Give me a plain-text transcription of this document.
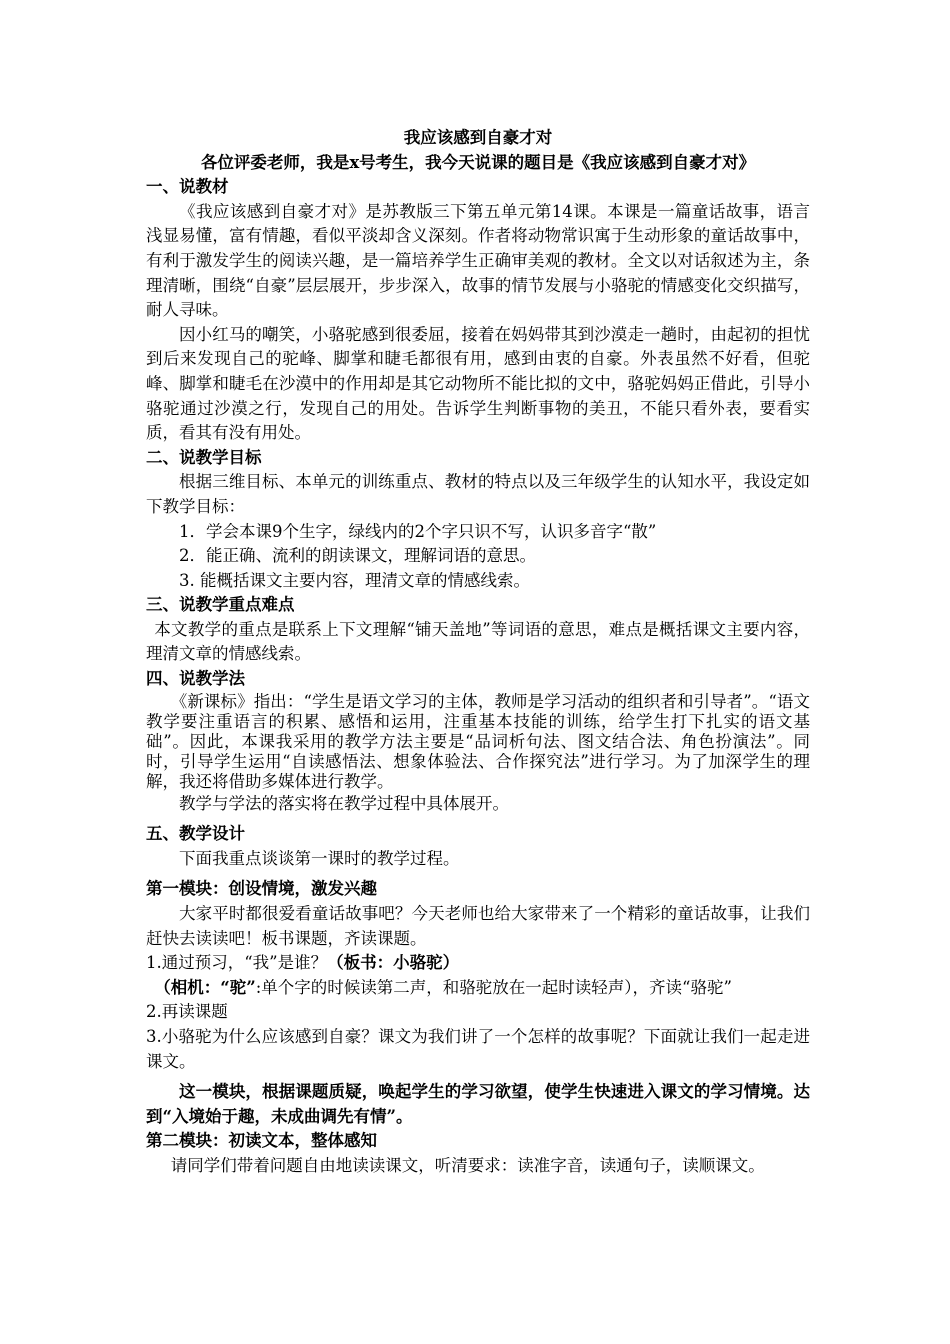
我应该感到自豪才对

各位评委老师，我是x号考生，我今天说课的题目是《我应该感到自豪才对》

一、说教材

《我应该感到自豪才对》是苏教版三下第五单元第14课。本课是一篇童话故事，语言浅显易懂，富有情趣，看似平淡却含义深刻。作者将动物常识寓于生动形象的童话故事中，有利于激发学生的阅读兴趣，是一篇培养学生正确审美观的教材。全文以对话叙述为主，条理清晰，围绕“自豪”层层展开，步步深入，故事的情节发展与小骆驼的情感变化交织描写，耐人寻味。

因小红马的嘲笑，小骆驼感到很委屈，接着在妈妈带其到沙漠走一趟时，由起初的担忧到后来发现自己的驼峰、脚掌和睫毛都很有用，感到由衷的自豪。外表虽然不好看，但驼峰、脚掌和睫毛在沙漠中的作用却是其它动物所不能比拟的文中，骆驼妈妈正借此，引导小骆驼通过沙漠之行，发现自己的用处。告诉学生判断事物的美丑，不能只看外表，要看实质，看其有没有用处。

二、说教学目标

根据三维目标、本单元的训练重点、教材的特点以及三年级学生的认知水平，我设定如下教学目标：

1．学会本课9个生字，绿线内的2个字只识不写，认识多音字“散”

2．能正确、流利的朗读课文，理解词语的意思。

3. 能概括课文主要内容，理清文章的情感线索。

三、说教学重点难点

本文教学的重点是联系上下文理解“铺天盖地”等词语的意思，难点是概括课文主要内容，理清文章的情感线索。

四、说教学法

《新课标》指出：“学生是语文学习的主体，教师是学习活动的组织者和引导者”。“语文教学要注重语言的积累、感悟和运用，注重基本技能的训练，给学生打下扎实的语文基础”。因此，本课我采用的教学方法主要是“品词析句法、图文结合法、角色扮演法”。同时，引导学生运用“自读感悟法、想象体验法、合作探究法”进行学习。为了加深学生的理解，我还将借助多媒体进行教学。

教学与学法的落实将在教学过程中具体展开。

五、教学设计

下面我重点谈谈第一课时的教学过程。

第一模块：创设情境，激发兴趣

大家平时都很爱看童话故事吧？今天老师也给大家带来了一个精彩的童话故事，让我们赶快去读读吧！板书课题，齐读课题。

1.通过预习，“我”是谁？（板书：小骆驼）

（相机：“驼”:单个字的时候读第二声，和骆驼放在一起时读轻声），齐读“骆驼”

2.再读课题

3.小骆驼为什么应该感到自豪？课文为我们讲了一个怎样的故事呢？下面就让我们一起走进课文。

这一模块，根据课题质疑，唤起学生的学习欲望，使学生快速进入课文的学习情境。达到“入境始于趣，未成曲调先有情”。

第二模块：初读文本，整体感知

请同学们带着问题自由地读读课文，听清要求：读准字音，读通句子，读顺课文。
